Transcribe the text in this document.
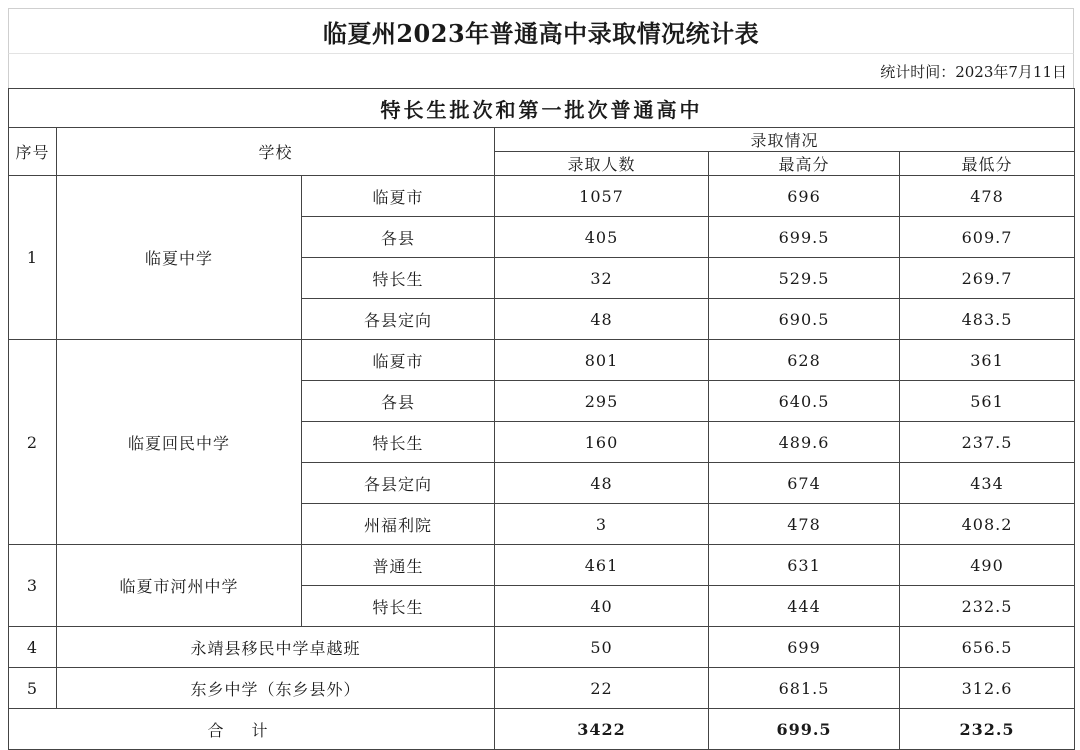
临夏州2023年普通高中录取情况统计表
统计时间：2023年7月11日
特长生批次和第一批次普通高中					
序号	学校		录取情况		
			录取人数	最高分	最低分
1	临夏中学	临夏市	1057	696	478
		各县	405	699.5	609.7
		特长生	32	529.5	269.7
		各县定向	48	690.5	483.5
2	临夏回民中学	临夏市	801	628	361
		各县	295	640.5	561
		特长生	160	489.6	237.5
		各县定向	48	674	434
		州福利院	3	478	408.2
3	临夏市河州中学	普通生	461	631	490
		特长生	40	444	232.5
4	永靖县移民中学卓越班		50	699	656.5
5	东乡中学（东乡县外）		22	681.5	312.6
合计			3422	699.5	232.5
